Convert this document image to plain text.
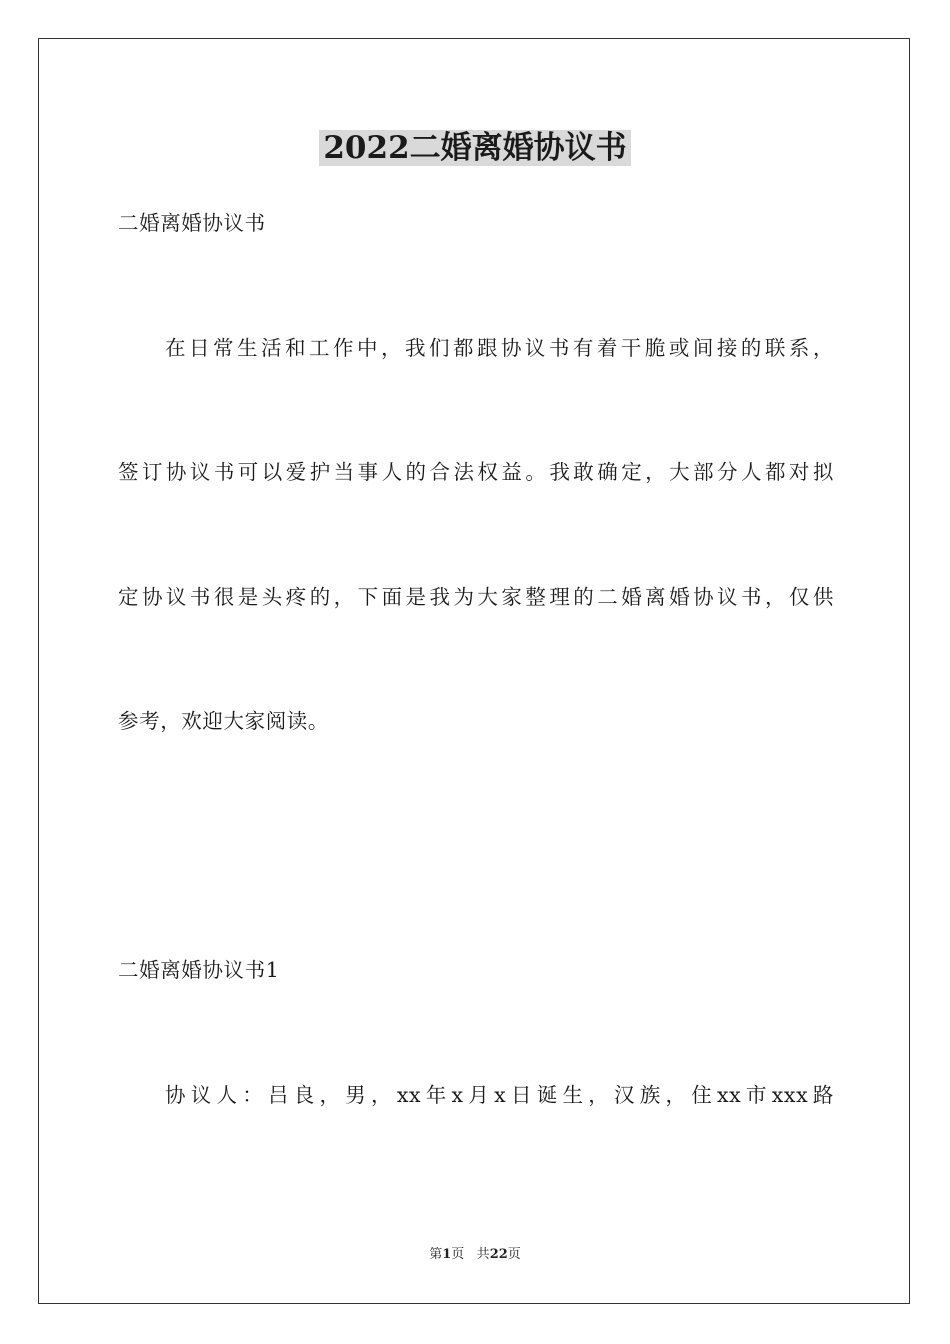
2022二婚离婚协议书
二婚离婚协议书
在日常生活和工作中，我们都跟协议书有着干脆或间接的联系，
签订协议书可以爱护当事人的合法权益。我敢确定，大部分人都对拟
定协议书很是头疼的，下面是我为大家整理的二婚离婚协议书，仅供
参考，欢迎大家阅读。
二婚离婚协议书1
协议人：吕良，男，xx年x月x日诞生，汉族，住xx市xxx路
第1页 共22页
